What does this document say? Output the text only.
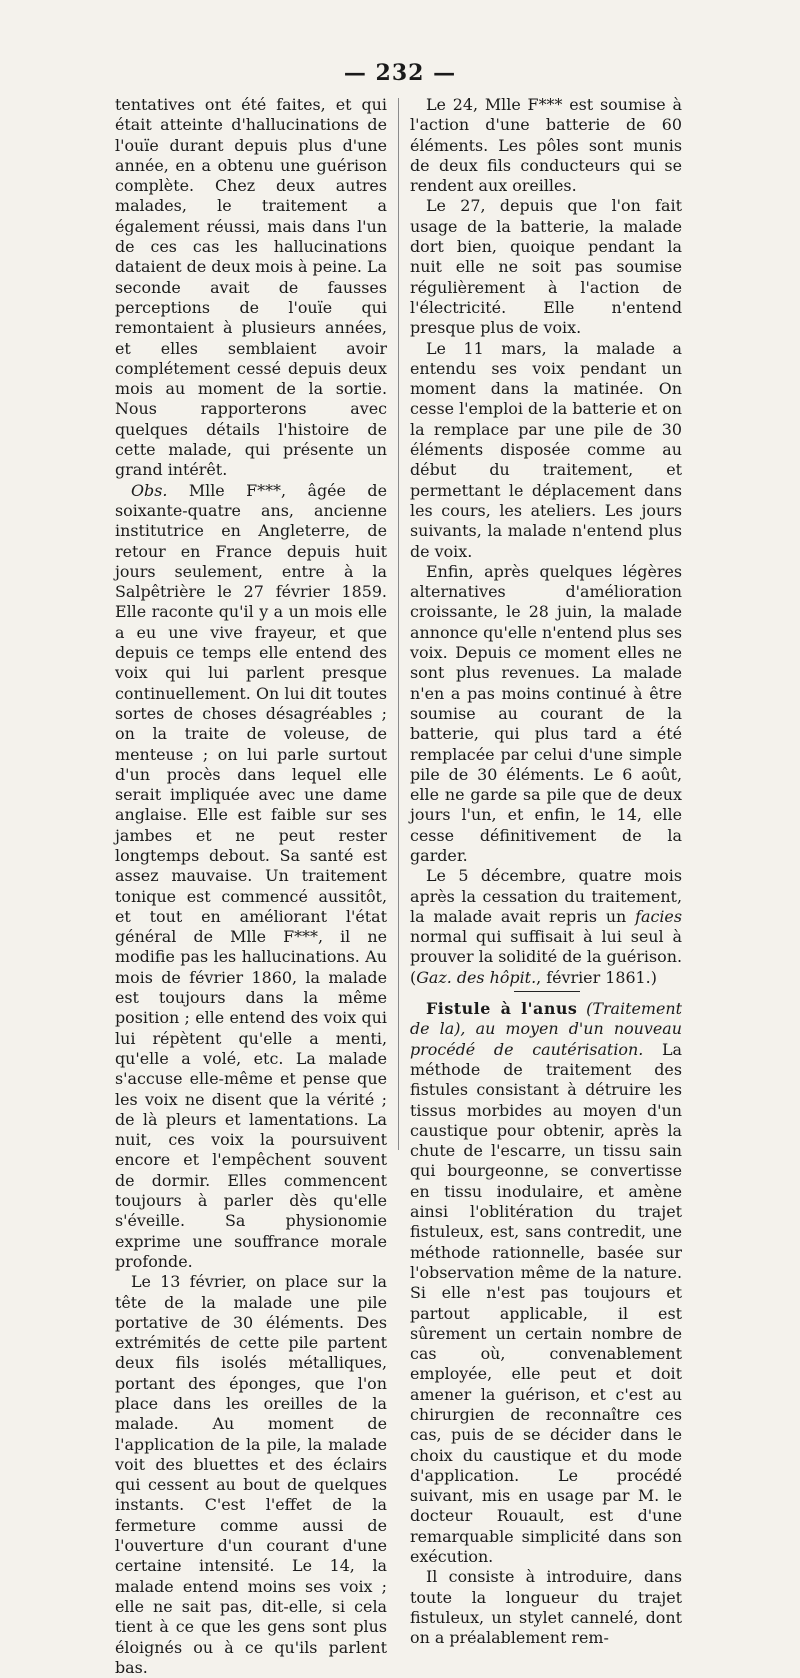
— 232 —

tentatives ont été faites, et qui était atteinte d'hallucinations de l'ouïe durant depuis plus d'une année, en a obtenu une guérison complète. Chez deux autres malades, le traitement a également réussi, mais dans l'un de ces cas les hallucinations dataient de deux mois à peine. La seconde avait de fausses perceptions de l'ouïe qui remontaient à plusieurs années, et elles semblaient avoir complétement cessé depuis deux mois au moment de la sortie. Nous rapporterons avec quelques détails l'histoire de cette malade, qui présente un grand intérêt.

Obs. Mlle F***, âgée de soixante-quatre ans, ancienne institutrice en Angleterre, de retour en France depuis huit jours seulement, entre à la Salpêtrière le 27 février 1859. Elle raconte qu'il y a un mois elle a eu une vive frayeur, et que depuis ce temps elle entend des voix qui lui parlent presque continuellement. On lui dit toutes sortes de choses désagréables ; on la traite de voleuse, de menteuse ; on lui parle surtout d'un procès dans lequel elle serait impliquée avec une dame anglaise. Elle est faible sur ses jambes et ne peut rester longtemps debout. Sa santé est assez mauvaise. Un traitement tonique est commencé aussitôt, et tout en améliorant l'état général de Mlle F***, il ne modifie pas les hallucinations. Au mois de février 1860, la malade est toujours dans la même position ; elle entend des voix qui lui répètent qu'elle a menti, qu'elle a volé, etc. La malade s'accuse elle-même et pense que les voix ne disent que la vérité ; de là pleurs et lamentations. La nuit, ces voix la poursuivent encore et l'empêchent souvent de dormir. Elles commencent toujours à parler dès qu'elle s'éveille. Sa physionomie exprime une souffrance morale profonde.

Le 13 février, on place sur la tête de la malade une pile portative de 30 éléments. Des extrémités de cette pile partent deux fils isolés métalliques, portant des éponges, que l'on place dans les oreilles de la malade. Au moment de l'application de la pile, la malade voit des bluettes et des éclairs qui cessent au bout de quelques instants. C'est l'effet de la fermeture comme aussi de l'ouverture d'un courant d'une certaine intensité. Le 14, la malade entend moins ses voix ; elle ne sait pas, dit-elle, si cela tient à ce que les gens sont plus éloignés ou à ce qu'ils parlent bas.

Le 24, Mlle F*** est soumise à l'action d'une batterie de 60 éléments. Les pôles sont munis de deux fils conducteurs qui se rendent aux oreilles.

Le 27, depuis que l'on fait usage de la batterie, la malade dort bien, quoique pendant la nuit elle ne soit pas soumise régulièrement à l'action de l'électricité. Elle n'entend presque plus de voix.

Le 11 mars, la malade a entendu ses voix pendant un moment dans la matinée. On cesse l'emploi de la batterie et on la remplace par une pile de 30 éléments disposée comme au début du traitement, et permettant le déplacement dans les cours, les ateliers. Les jours suivants, la malade n'entend plus de voix.

Enfin, après quelques légères alternatives d'amélioration croissante, le 28 juin, la malade annonce qu'elle n'entend plus ses voix. Depuis ce moment elles ne sont plus revenues. La malade n'en a pas moins continué à être soumise au courant de la batterie, qui plus tard a été remplacée par celui d'une simple pile de 30 éléments. Le 6 août, elle ne garde sa pile que de deux jours l'un, et enfin, le 14, elle cesse définitivement de la garder.

Le 5 décembre, quatre mois après la cessation du traitement, la malade avait repris un facies normal qui suffisait à lui seul à prouver la solidité de la guérison. (Gaz. des hôpit., février 1861.)

Fistule à l'anus (Traitement de la), au moyen d'un nouveau procédé de cautérisation. La méthode de traitement des fistules consistant à détruire les tissus morbides au moyen d'un caustique pour obtenir, après la chute de l'escarre, un tissu sain qui bourgeonne, se convertisse en tissu inodulaire, et amène ainsi l'oblitération du trajet fistuleux, est, sans contredit, une méthode rationnelle, basée sur l'observation même de la nature. Si elle n'est pas toujours et partout applicable, il est sûrement un certain nombre de cas où, convenablement employée, elle peut et doit amener la guérison, et c'est au chirurgien de reconnaître ces cas, puis de se décider dans le choix du caustique et du mode d'application. Le procédé suivant, mis en usage par M. le docteur Rouault, est d'une remarquable simplicité dans son exécution.

Il consiste à introduire, dans toute la longueur du trajet fistuleux, un stylet cannelé, dont on a préalablement rem-
